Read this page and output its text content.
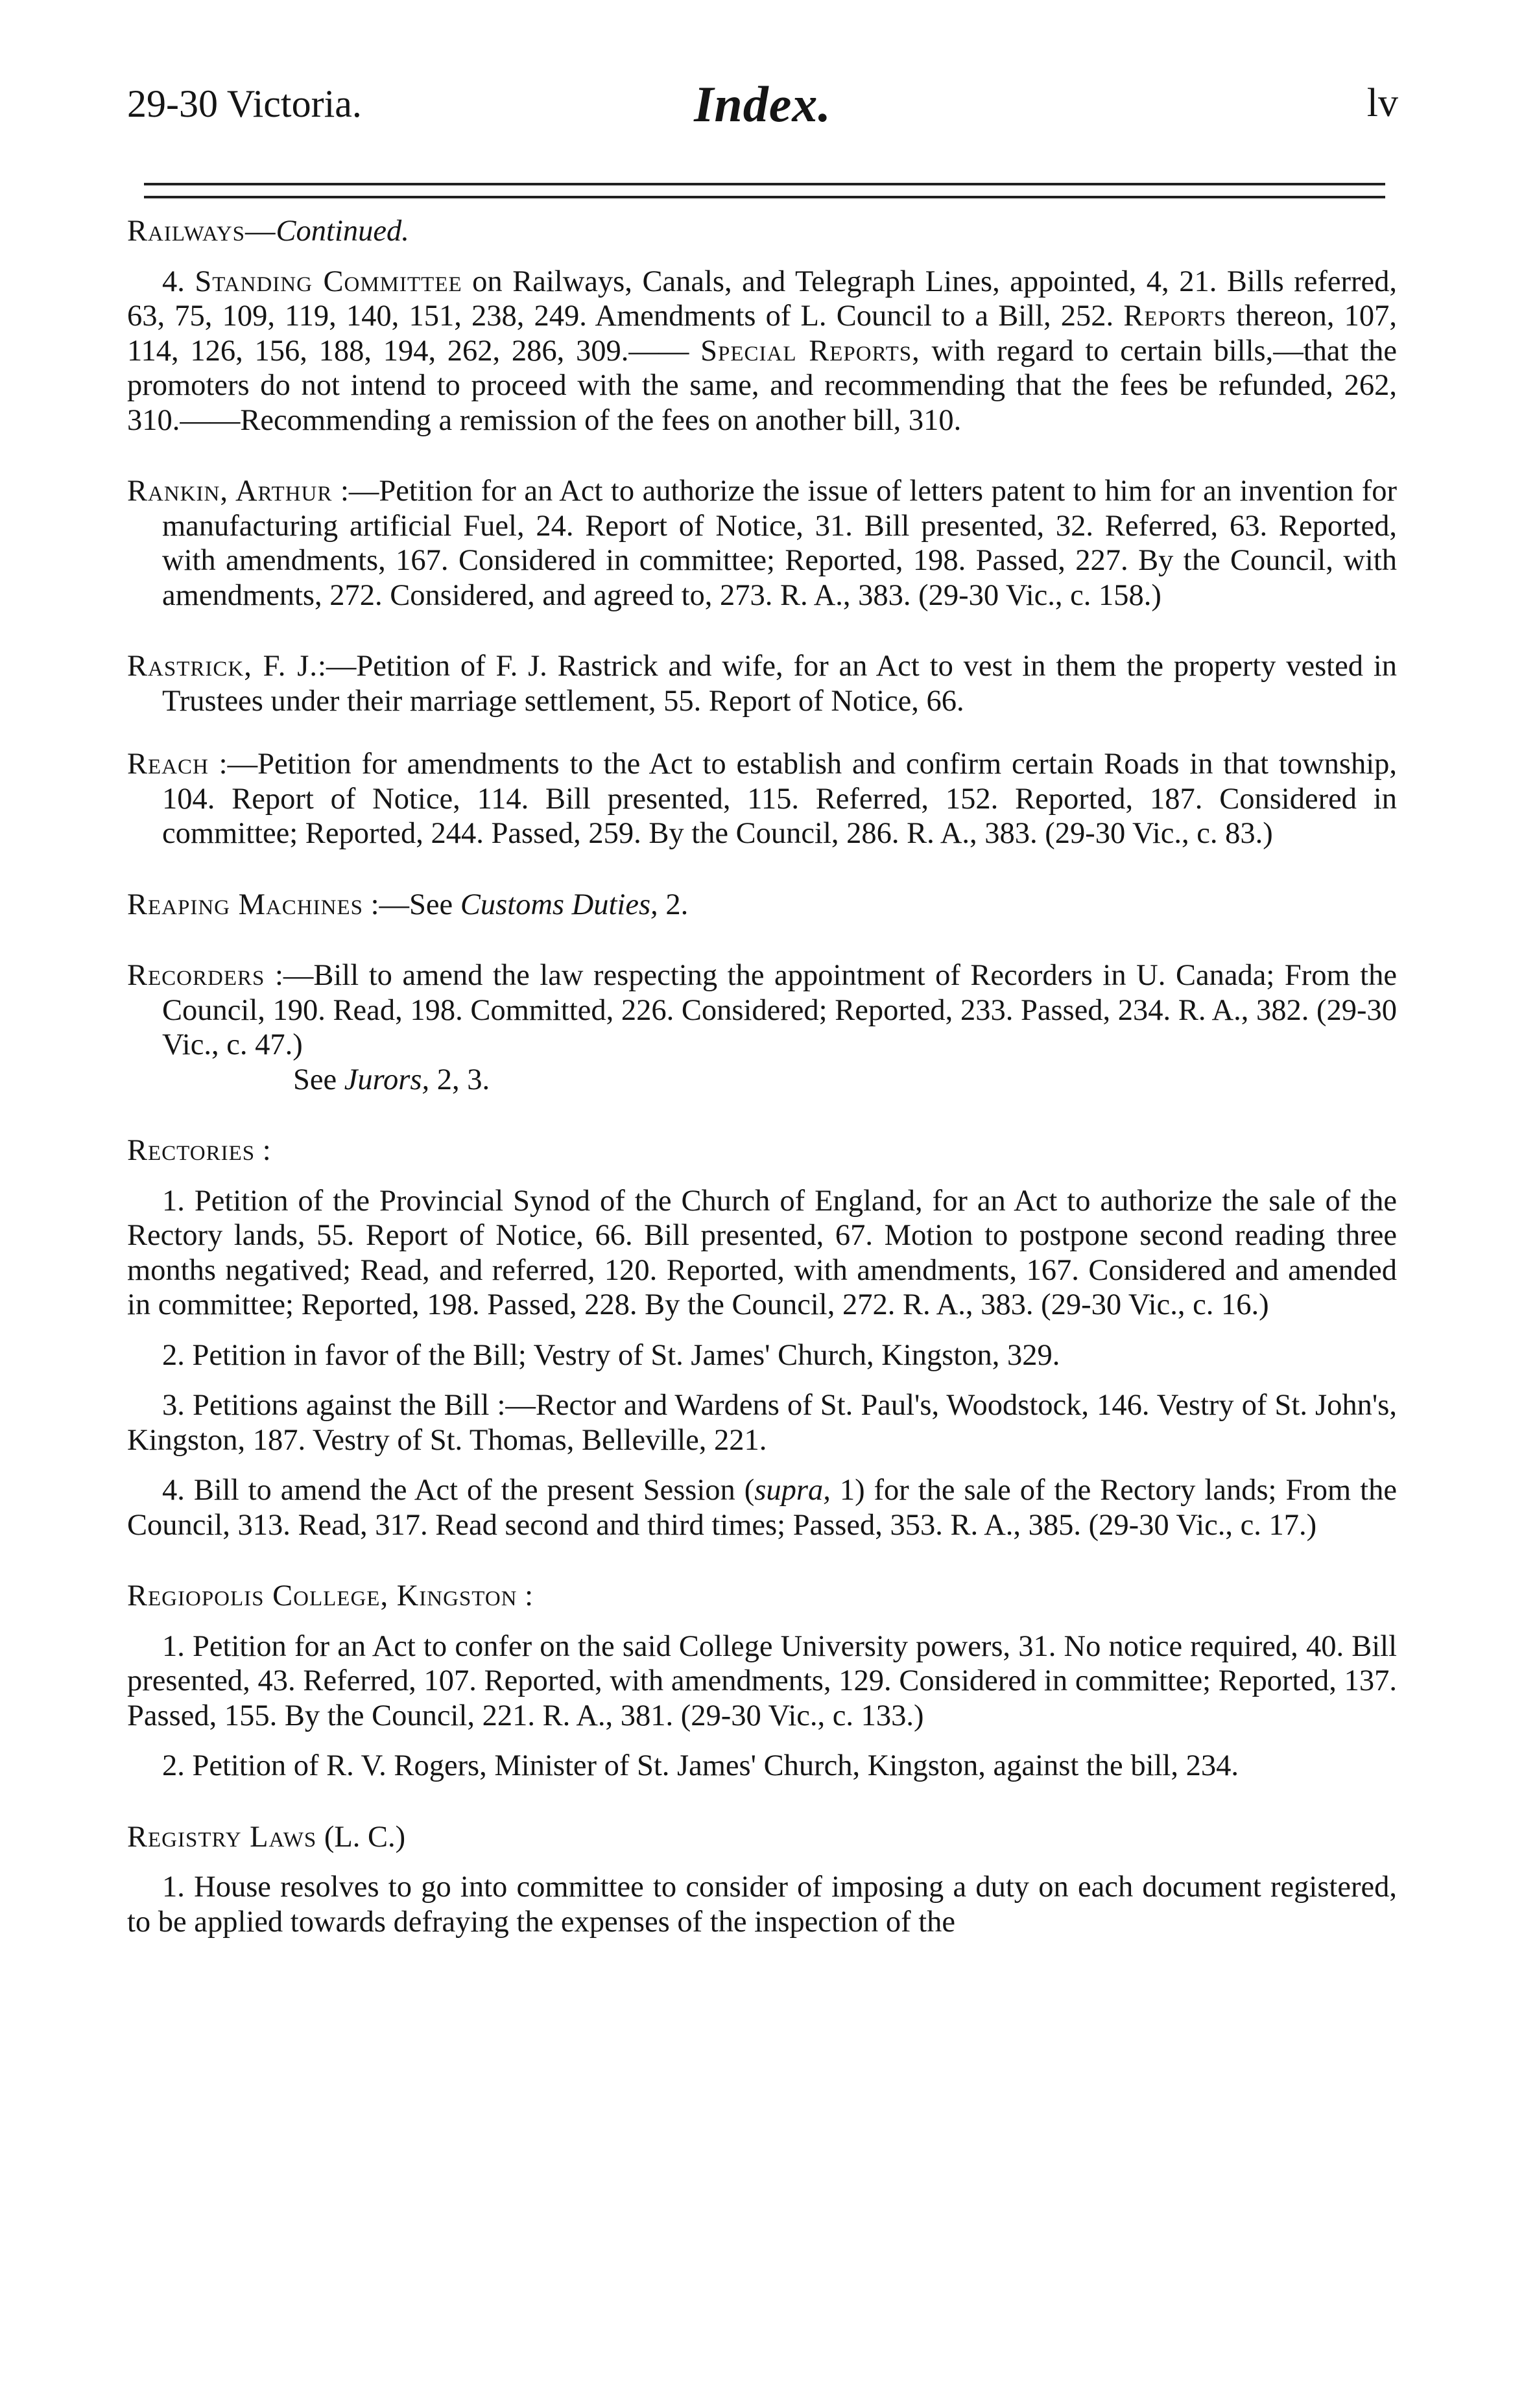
29-30 Victoria.	Index.	lv

Railways—Continued.

4. Standing Committee on Railways, Canals, and Telegraph Lines, appointed, 4, 21. Bills referred, 63, 75, 109, 119, 140, 151, 238, 249. Amendments of L. Council to a Bill, 252. Reports thereon, 107, 114, 126, 156, 188, 194, 262, 286, 309.—— Special Reports, with regard to certain bills,—that the promoters do not intend to proceed with the same, and recommending that the fees be refunded, 262, 310.——Recommending a remission of the fees on another bill, 310.

Rankin, Arthur :—Petition for an Act to authorize the issue of letters patent to him for an invention for manufacturing artificial Fuel, 24. Report of Notice, 31. Bill presented, 32. Referred, 63. Reported, with amendments, 167. Considered in committee; Reported, 198. Passed, 227. By the Council, with amendments, 272. Considered, and agreed to, 273. R. A., 383. (29-30 Vic., c. 158.)

Rastrick, F. J.:—Petition of F. J. Rastrick and wife, for an Act to vest in them the property vested in Trustees under their marriage settlement, 55. Report of Notice, 66.

Reach :—Petition for amendments to the Act to establish and confirm certain Roads in that township, 104. Report of Notice, 114. Bill presented, 115. Referred, 152. Reported, 187. Considered in committee; Reported, 244. Passed, 259. By the Council, 286. R. A., 383. (29-30 Vic., c. 83.)

Reaping Machines :—See Customs Duties, 2.

Recorders :—Bill to amend the law respecting the appointment of Recorders in U. Canada; From the Council, 190. Read, 198. Committed, 226. Considered; Reported, 233. Passed, 234. R. A., 382. (29-30 Vic., c. 47.)

See Jurors, 2, 3.

Rectories :

1. Petition of the Provincial Synod of the Church of England, for an Act to authorize the sale of the Rectory lands, 55. Report of Notice, 66. Bill presented, 67. Motion to postpone second reading three months negatived; Read, and referred, 120. Reported, with amendments, 167. Considered and amended in committee; Reported, 198. Passed, 228. By the Council, 272. R. A., 383. (29-30 Vic., c. 16.)

2. Petition in favor of the Bill; Vestry of St. James' Church, Kingston, 329.

3. Petitions against the Bill :—Rector and Wardens of St. Paul's, Woodstock, 146. Vestry of St. John's, Kingston, 187. Vestry of St. Thomas, Belleville, 221.

4. Bill to amend the Act of the present Session (supra, 1) for the sale of the Rectory lands; From the Council, 313. Read, 317. Read second and third times; Passed, 353. R. A., 385. (29-30 Vic., c. 17.)

Regiopolis College, Kingston :

1. Petition for an Act to confer on the said College University powers, 31. No notice required, 40. Bill presented, 43. Referred, 107. Reported, with amendments, 129. Considered in committee; Reported, 137. Passed, 155. By the Council, 221. R. A., 381. (29-30 Vic., c. 133.)

2. Petition of R. V. Rogers, Minister of St. James' Church, Kingston, against the bill, 234.

Registry Laws (L. C.)

1. House resolves to go into committee to consider of imposing a duty on each document registered, to be applied towards defraying the expenses of the inspection of the
